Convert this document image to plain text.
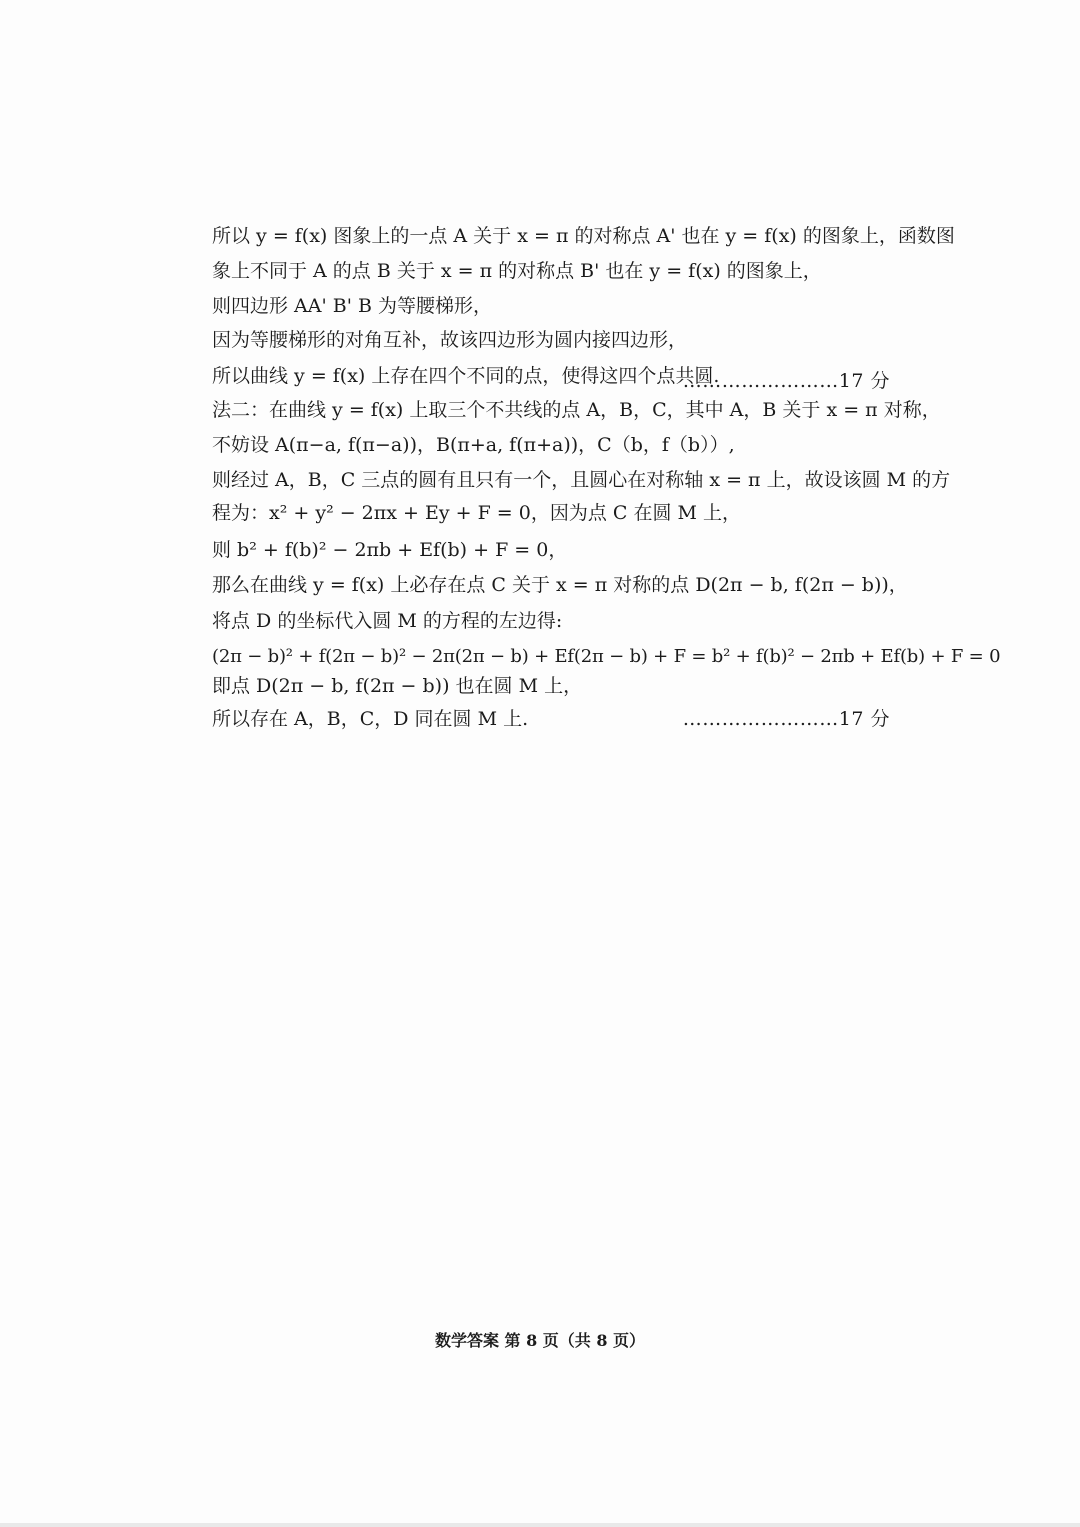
所以 y = f(x) 图象上的一点 A 关于 x = π 的对称点 A' 也在 y = f(x) 的图象上，函数图
象上不同于 A 的点 B 关于 x = π 的对称点 B' 也在 y = f(x) 的图象上，
则四边形 AA' B' B 为等腰梯形，
因为等腰梯形的对角互补，故该四边形为圆内接四边形，
所以曲线 y = f(x) 上存在四个不同的点，使得这四个点共圆.
……………………17 分
法二：在曲线 y = f(x) 上取三个不共线的点 A，B，C，其中 A，B 关于 x = π 对称，
不妨设 A(π−a, f(π−a))，B(π+a, f(π+a))，C（b，f（b））,
则经过 A，B，C 三点的圆有且只有一个，且圆心在对称轴 x = π 上，故设该圆 M 的方
程为：x² + y² − 2πx + Ey + F = 0，因为点 C 在圆 M 上，
则 b² + f(b)² − 2πb + Ef(b) + F = 0，
那么在曲线 y = f(x) 上必存在点 C 关于 x = π 对称的点 D(2π − b, f(2π − b))，
将点 D 的坐标代入圆 M 的方程的左边得:
(2π − b)² + f(2π − b)² − 2π(2π − b) + Ef(2π − b) + F = b² + f(b)² − 2πb + Ef(b) + F = 0
即点 D(2π − b, f(2π − b)) 也在圆 M 上，
所以存在 A，B，C，D 同在圆 M 上.	……………………17 分
数学答案 第 8 页（共 8 页）
